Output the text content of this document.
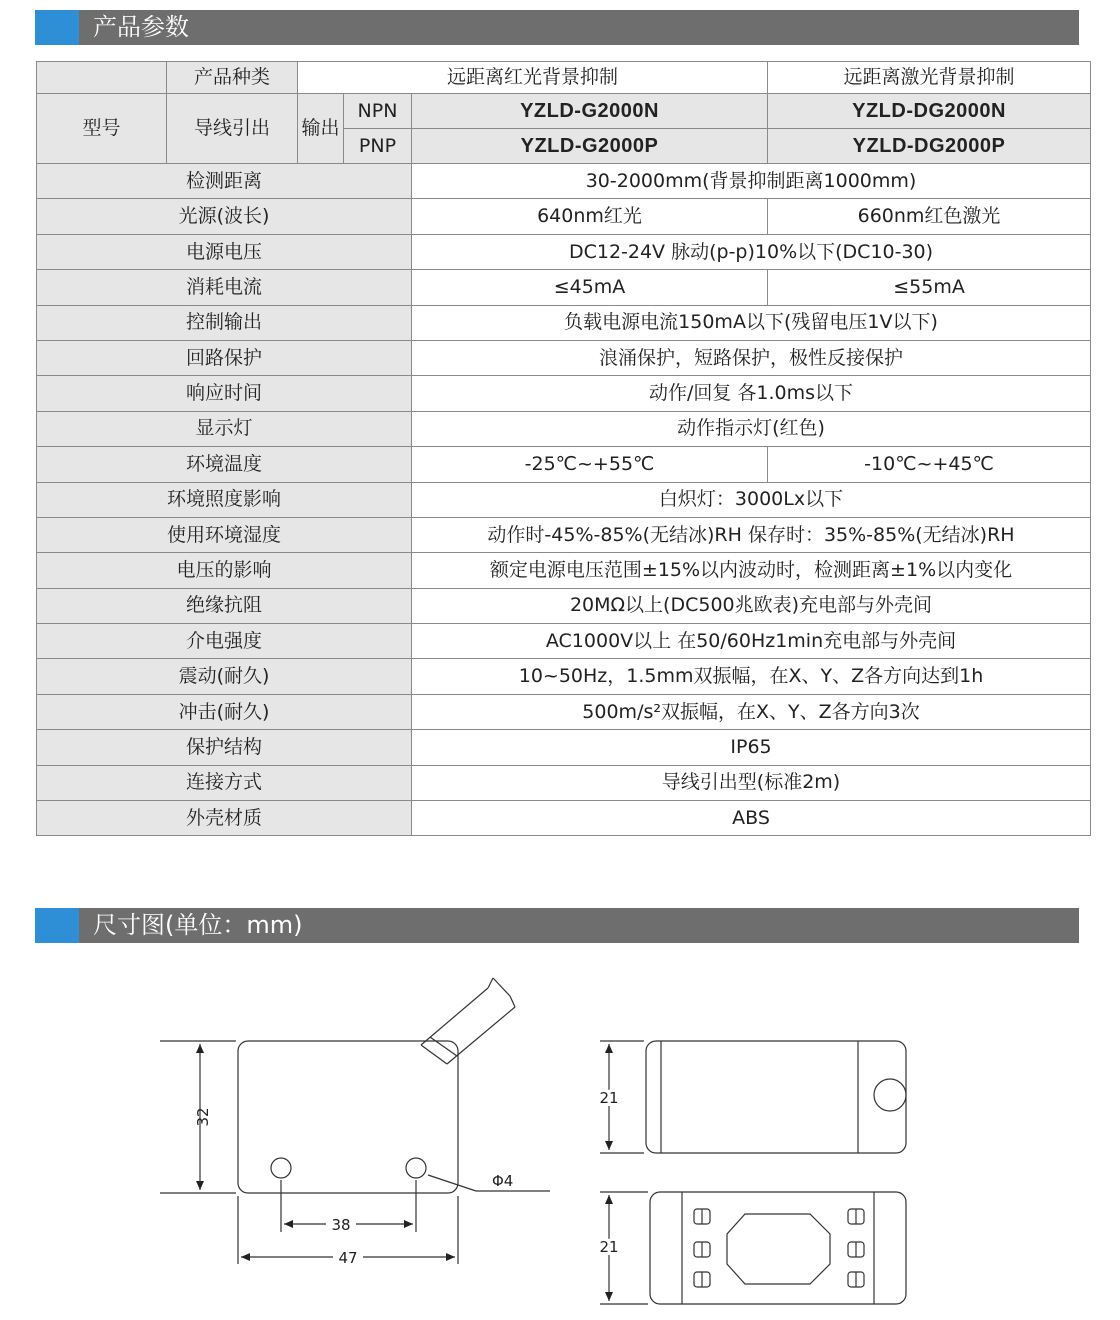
产品参数
	产品种类	远距离红光背景抑制			远距离激光背景抑制
型号	导线引出	输出	NPN	YZLD-G2000N	YZLD-DG2000N
			PNP	YZLD-G2000P	YZLD-DG2000P
检测距离				30-2000mm(背景抑制距离1000mm)	
光源(波长)				640nm红光	660nm红色激光
电源电压				DC12-24V 脉动(p-p)10%以下(DC10-30)	
消耗电流				≤45mA	≤55mA
控制输出				负载电源电流150mA以下(残留电压1V以下)	
回路保护				浪涌保护，短路保护，极性反接保护	
响应时间				动作/回复 各1.0ms以下	
显示灯				动作指示灯(红色)	
环境温度				-25℃~+55℃	-10℃~+45℃
环境照度影响				白炽灯：3000Lx以下	
使用环境湿度				动作时-45%-85%(无结冰)RH 保存时：35%-85%(无结冰)RH	
电压的影响				额定电源电压范围±15%以内波动时，检测距离±1%以内变化	
绝缘抗阻				20MΩ以上(DC500兆欧表)充电部与外壳间	
介电强度				AC1000V以上 在50/60Hz1min充电部与外壳间	
震动(耐久)				10~50Hz，1.5mm双振幅，在X、Y、Z各方向达到1h	
冲击(耐久)				500m/s²双振幅，在X、Y、Z各方向3次	
保护结构				IP65	
连接方式				导线引出型(标准2m)	
外壳材质				ABS	
尺寸图(单位：mm)
32
38
47
Φ4
21
21
